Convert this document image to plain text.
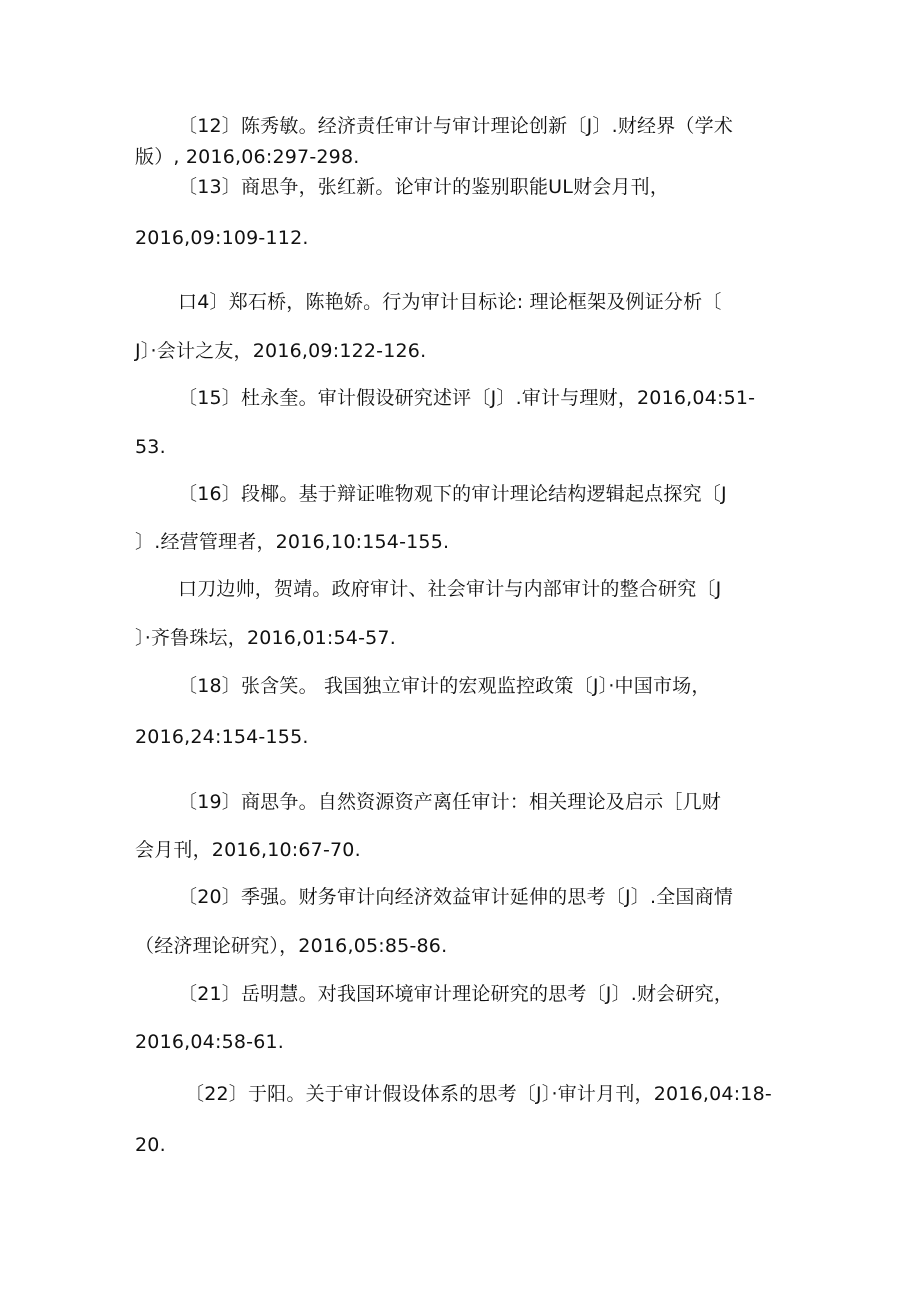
〔12〕陈秀敏。经济责任审计与审计理论创新〔J〕.财经界（学术
版）, 2016,06:297-298.
〔13〕商思争，张红新。论审计的鉴别职能UL财会月刊，
2016,09:109-112.
口4〕郑石桥，陈艳娇。行为审计目标论: 理论框架及例证分析〔
J〕·会计之友，2016,09:122-126.
〔15〕杜永奎。审计假设研究述评〔J〕.审计与理财，2016,04:51-
53.
〔16〕段椰。基于辩证唯物观下的审计理论结构逻辑起点探究〔J
〕.经营管理者，2016,10:154-155.
口刀边帅，贺靖。政府审计、社会审计与内部审计的整合研究〔J
〕·齐鲁珠坛，2016,01:54-57.
〔18〕张含笑。 我国独立审计的宏观监控政策〔J〕·中国市场，
2016,24:154-155.
〔19〕商思争。自然资源资产离任审计：相关理论及启示［几财
会月刊，2016,10:67-70.
〔20〕季强。财务审计向经济效益审计延伸的思考〔J〕.全国商情
（经济理论研究），2016,05:85-86.
〔21〕岳明慧。对我国环境审计理论研究的思考〔J〕.财会研究，
2016,04:58-61.
〔22〕于阳。关于审计假设体系的思考〔J〕·审计月刊，2016,04:18-
20.
